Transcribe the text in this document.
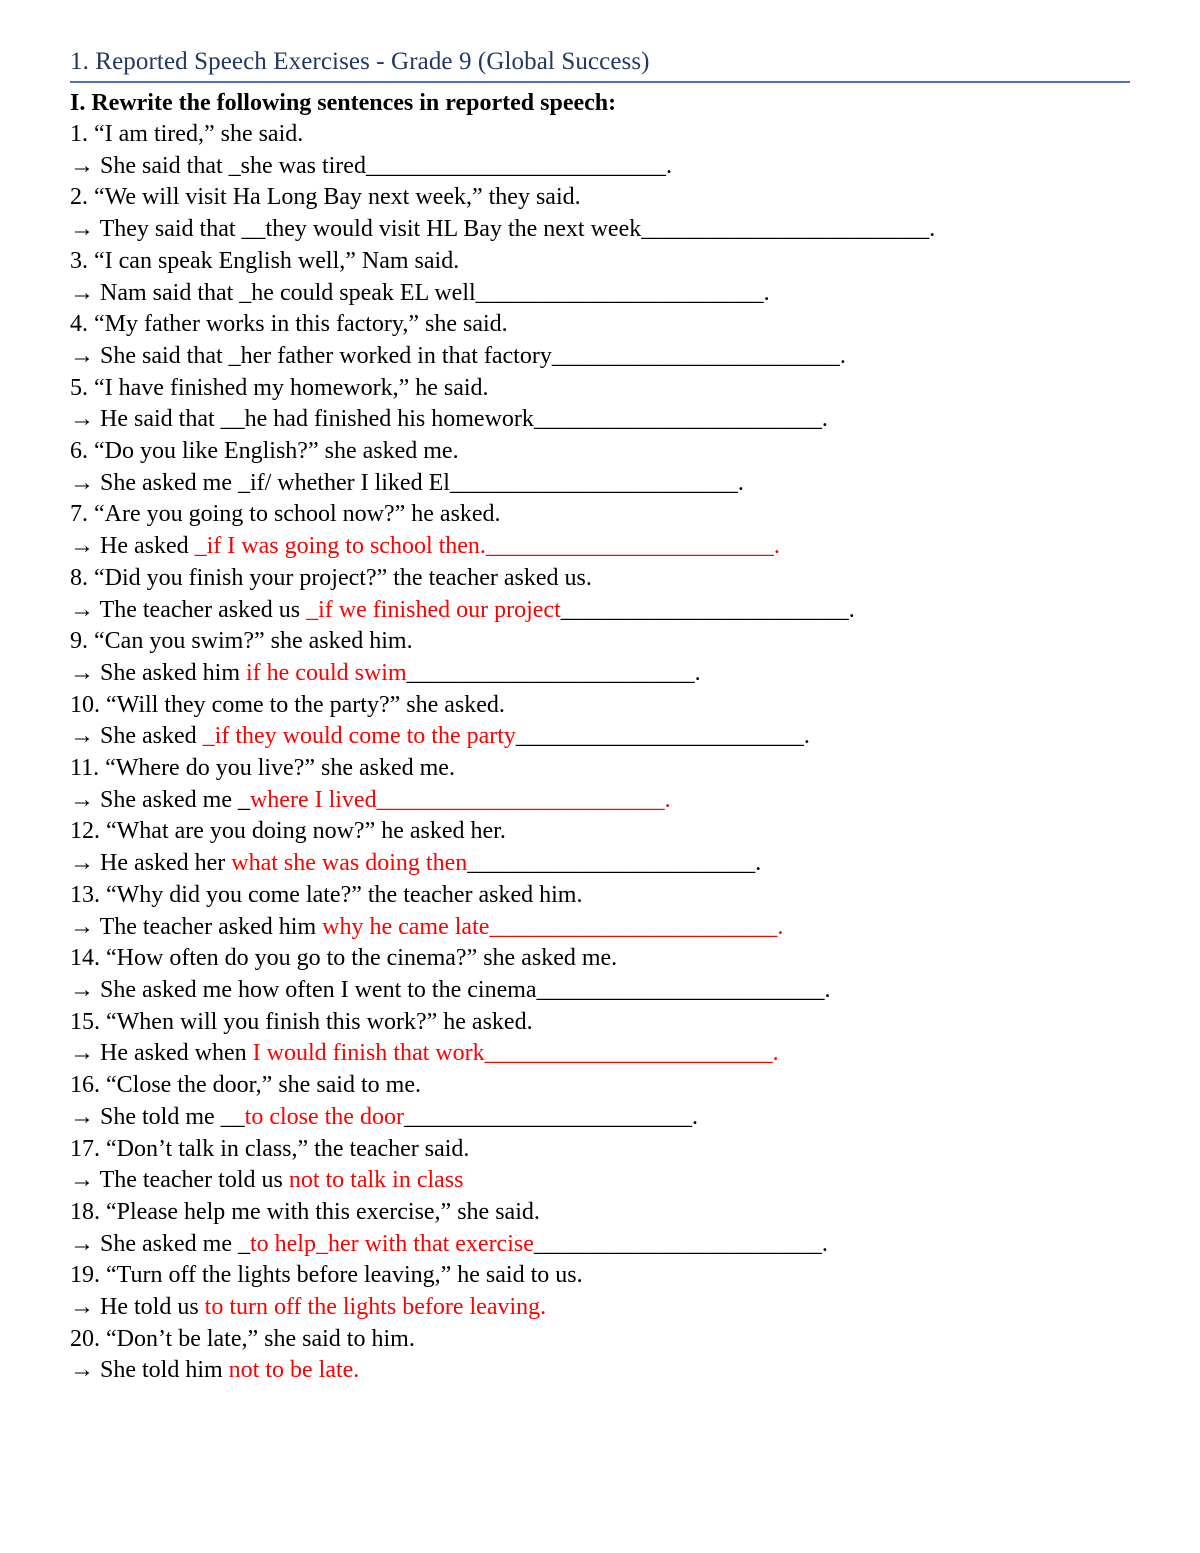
1. Reported Speech Exercises - Grade 9 (Global Success)
I. Rewrite the following sentences in reported speech:
1. “I am tired,” she said.
→ She said that _she was tired_________________________.
2. “We will visit Ha Long Bay next week,” they said.
→ They said that __they would visit HL Bay the next week________________________.
3. “I can speak English well,” Nam said.
→ Nam said that _he could speak EL well________________________.
4. “My father works in this factory,” she said.
→ She said that _her father worked in that factory________________________.
5. “I have finished my homework,” he said.
→ He said that __he had finished his homework________________________.
6. “Do you like English?” she asked me.
→ She asked me _if/ whether I liked El________________________.
7. “Are you going to school now?” he asked.
→ He asked _if I was going to school then.________________________.
8. “Did you finish your project?” the teacher asked us.
→ The teacher asked us _if we finished our project________________________.
9. “Can you swim?” she asked him.
→ She asked him if he could swim________________________.
10. “Will they come to the party?” she asked.
→ She asked _if they would come to the party________________________.
11. “Where do you live?” she asked me.
→ She asked me _where I lived________________________.
12. “What are you doing now?” he asked her.
→ He asked her what she was doing then________________________.
13. “Why did you come late?” the teacher asked him.
→ The teacher asked him why he came late________________________.
14. “How often do you go to the cinema?” she asked me.
→ She asked me how often I went to the cinema________________________.
15. “When will you finish this work?” he asked.
→ He asked when I would finish that work________________________.
16. “Close the door,” she said to me.
→ She told me __to close the door________________________.
17. “Don’t talk in class,” the teacher said.
→ The teacher told us not to talk in class
18. “Please help me with this exercise,” she said.
→ She asked me _to help_her with that exercise________________________.
19. “Turn off the lights before leaving,” he said to us.
→ He told us to turn off the lights before leaving.
20. “Don’t be late,” she said to him.
→ She told him not to be late.
